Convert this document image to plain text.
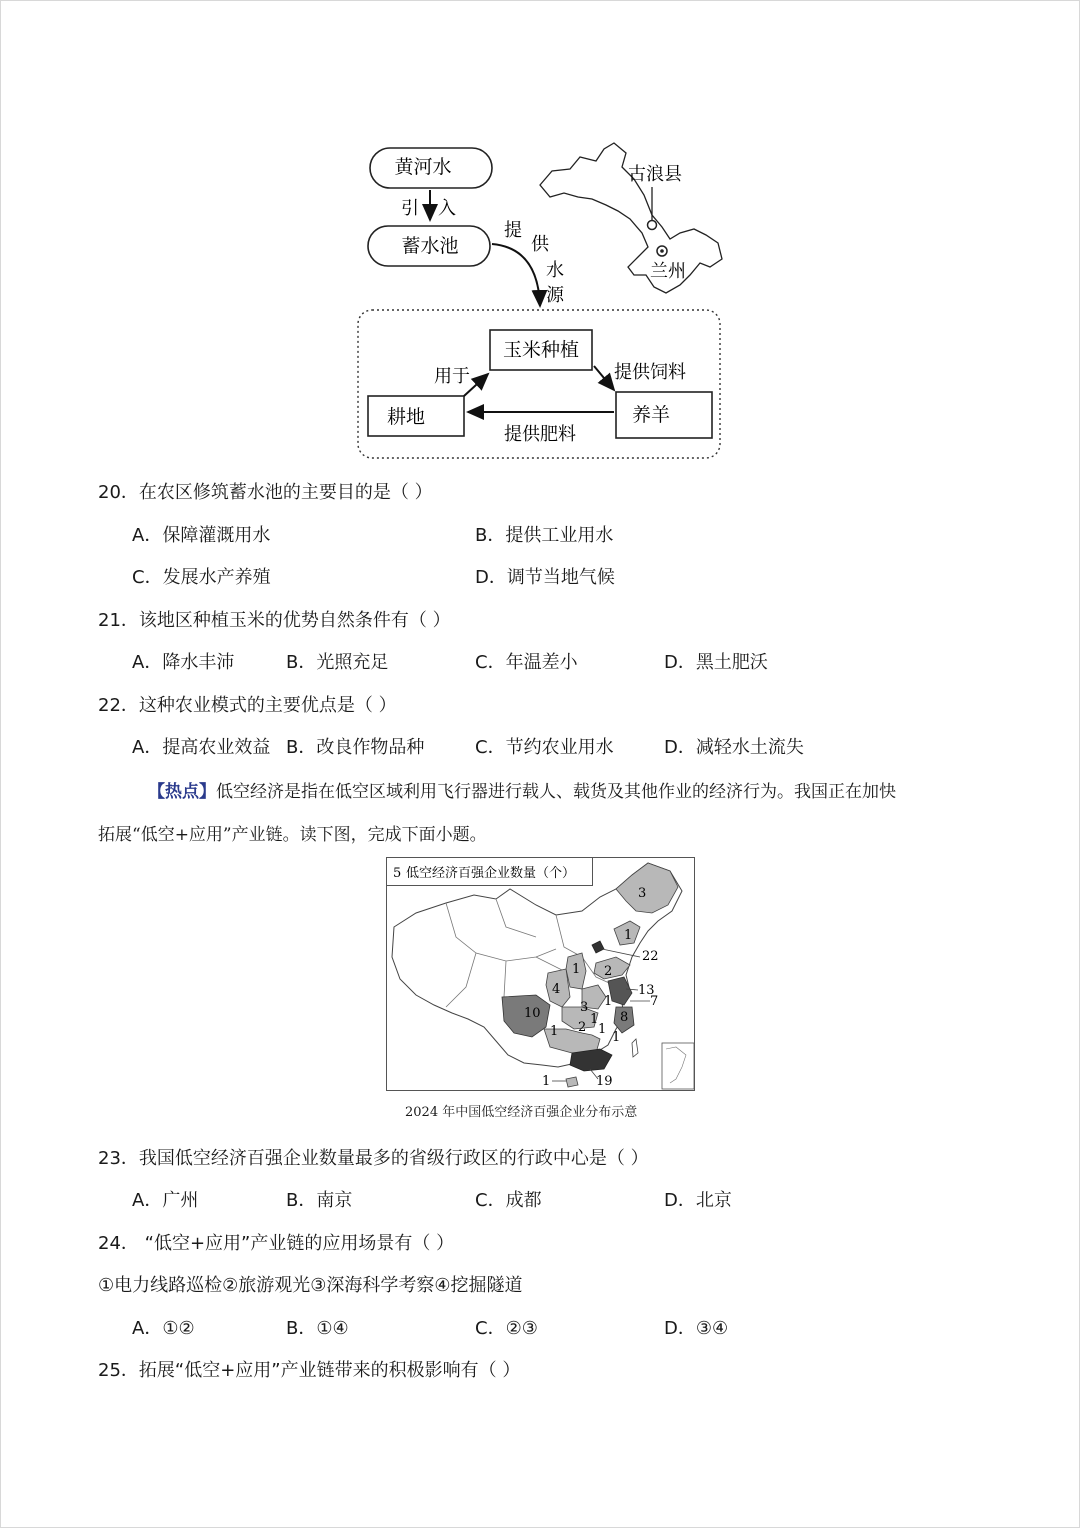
黄河水
引 入
蓄水池
提
供
水
源
玉米种植
耕地	养羊
用于	提供饲料
提供肥料
古浪县
兰州
20．在农区修筑蓄水池的主要目的是（ ）
A．保障灌溉用水	B．提供工业用水
C．发展水产养殖	D．调节当地气候
21．该地区种植玉米的优势自然条件有（ ）
A．降水丰沛	B．光照充足	C．年温差小	D．黑土肥沃
22．这种农业模式的主要优点是（ ）
A．提高农业效益 B．改良作物品种	C．节约农业用水	D．减轻水土流失
【热点】低空经济是指在低空区域利用飞行器进行载人、载货及其他作业的经济行为。我国正在加快
拓展“低空+应用”产业链。读下图，完成下面小题。
5 低空经济百强企业数量（个）
3
1
22
1 2
13
4
1	7
3
1
10	8
1 2 1
1
1	19
2024 年中国低空经济百强企业分布示意
23．我国低空经济百强企业数量最多的省级行政区的行政中心是（ ）
A．广州	B．南京	C．成都	D．北京
24． “低空+应用”产业链的应用场景有（ ）
①电力线路巡检②旅游观光③深海科学考察④挖掘隧道
A．①②	B．①④	C．②③	D．③④
25．拓展“低空+应用”产业链带来的积极影响有（ ）
